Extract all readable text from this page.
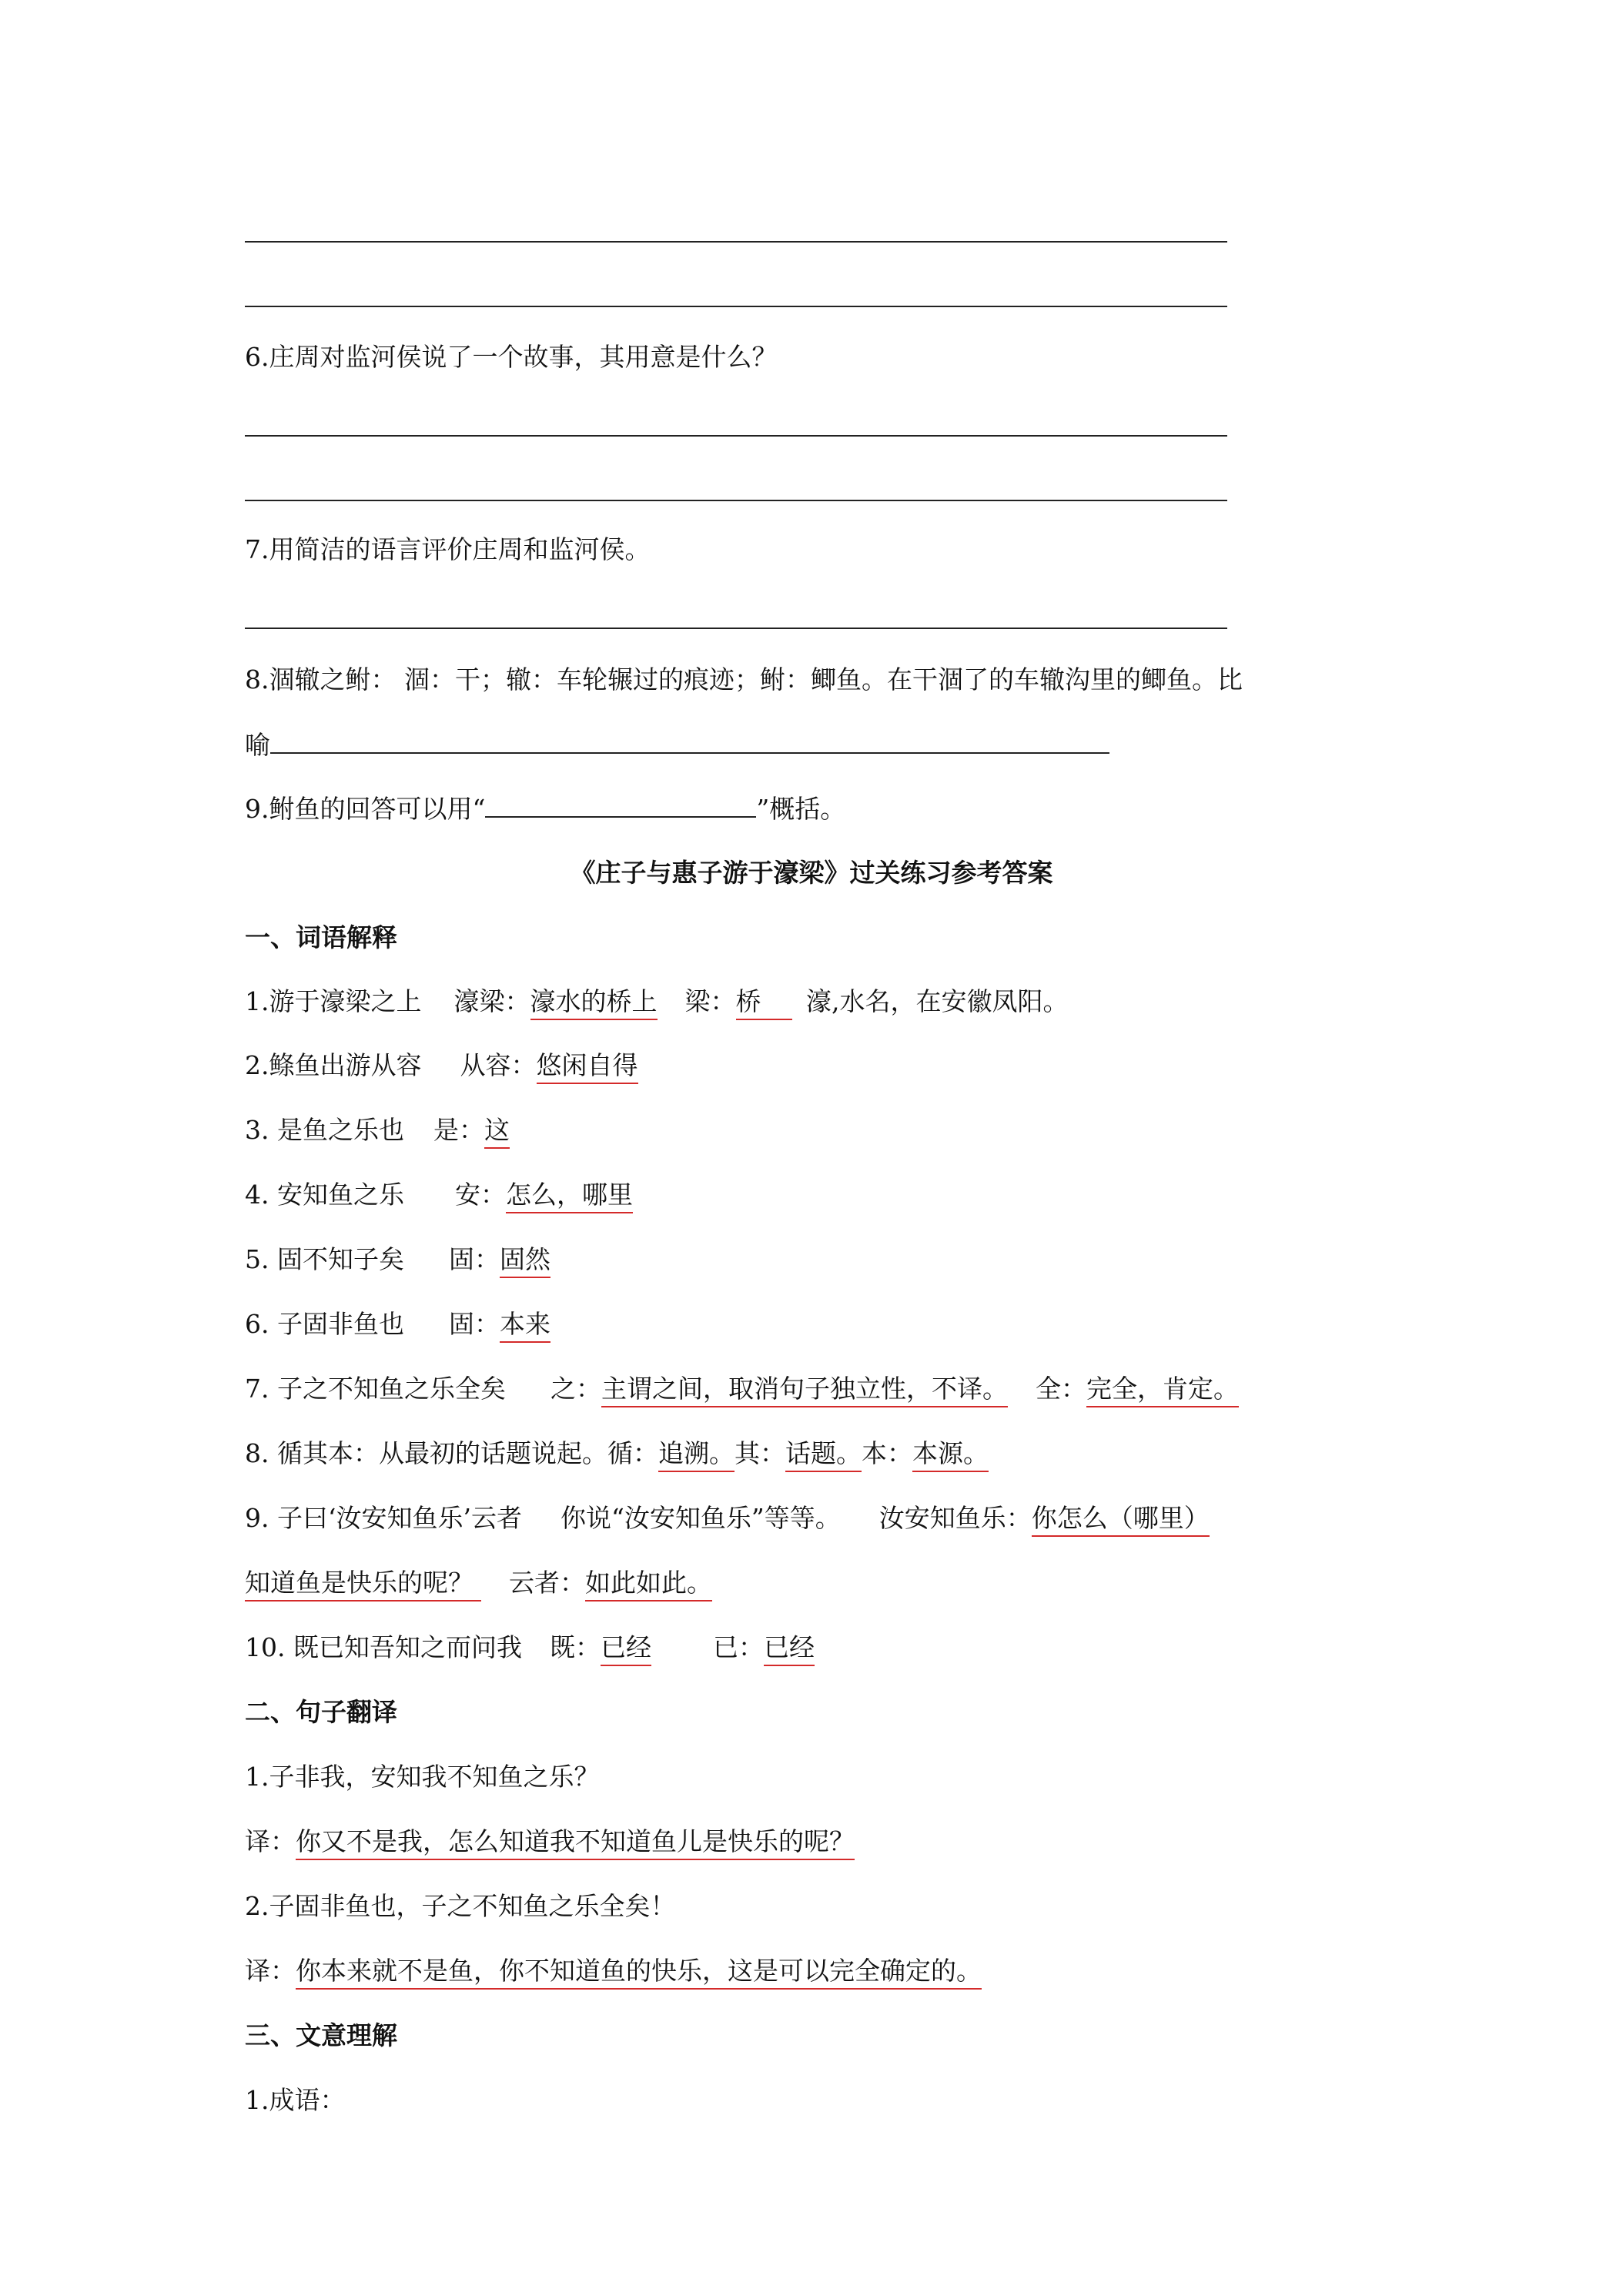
6.庄周对监河侯说了一个故事，其用意是什么？
7.用简洁的语言评价庄周和监河侯。
8.涸辙之鲋： 涸：干；辙：车轮辗过的痕迹；鲋：鲫鱼。在干涸了的车辙沟里的鲫鱼。比
喻
9.鲋鱼的回答可以用“	”概括。
《庄子与惠子游于濠梁》过关练习参考答案
一、词语解释
1.游于濠梁之上 濠梁：濠水的桥上 梁：桥 濠,水名，在安徽凤阳。
2.鲦鱼出游从容 从容：悠闲自得
3. 是鱼之乐也 是：这
4. 安知鱼之乐 安：怎么，哪里
5. 固不知子矣 固：固然
6. 子固非鱼也 固：本来
7. 子之不知鱼之乐全矣 之：主谓之间，取消句子独立性，不译。 全：完全，肯定。
8. 循其本：从最初的话题说起。循：追溯。其：话题。本：本源。
9. 子曰‘汝安知鱼乐’云者 你说“汝安知鱼乐”等等。 汝安知鱼乐：你怎么（哪里）
知道鱼是快乐的呢？ 云者：如此如此。
10. 既已知吾知之而问我 既：已经 已：已经
二、句子翻译
1.子非我，安知我不知鱼之乐？
译：你又不是我，怎么知道我不知道鱼儿是快乐的呢？
2.子固非鱼也，子之不知鱼之乐全矣！
译：你本来就不是鱼，你不知道鱼的快乐，这是可以完全确定的。
三、文意理解
1.成语：
